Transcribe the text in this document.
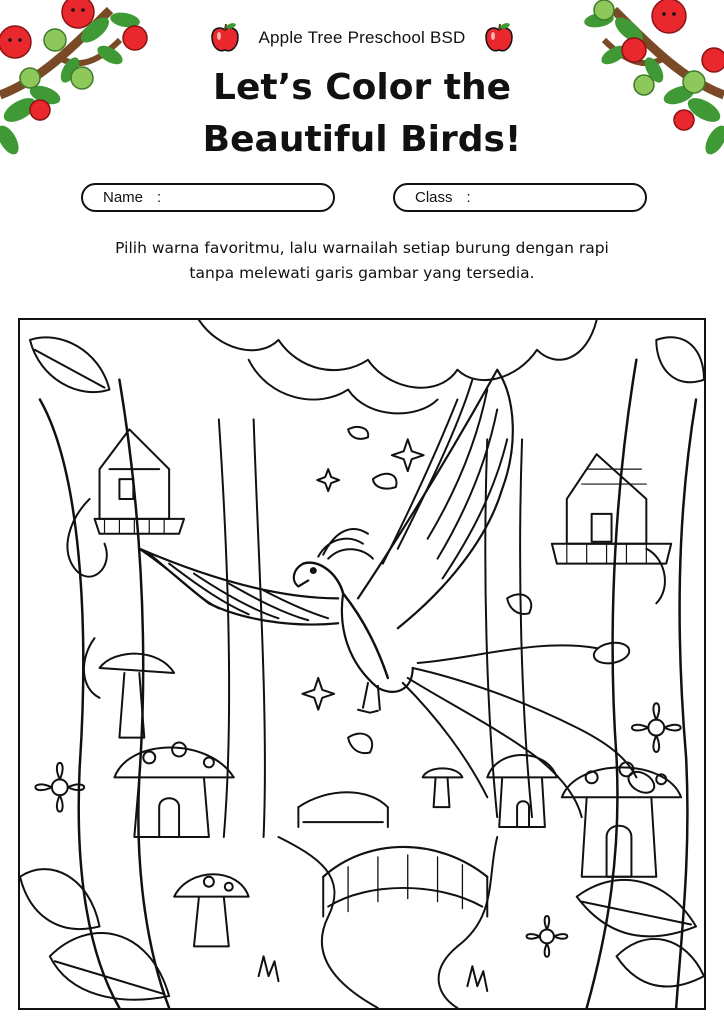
Apple Tree Preschool BSD
Let’s Color the
Beautiful Birds!
Name :	Class :

Pilih warna favoritmu, lalu warnailah setiap burung dengan rapi

tanpa melewati garis gambar yang tersedia.
